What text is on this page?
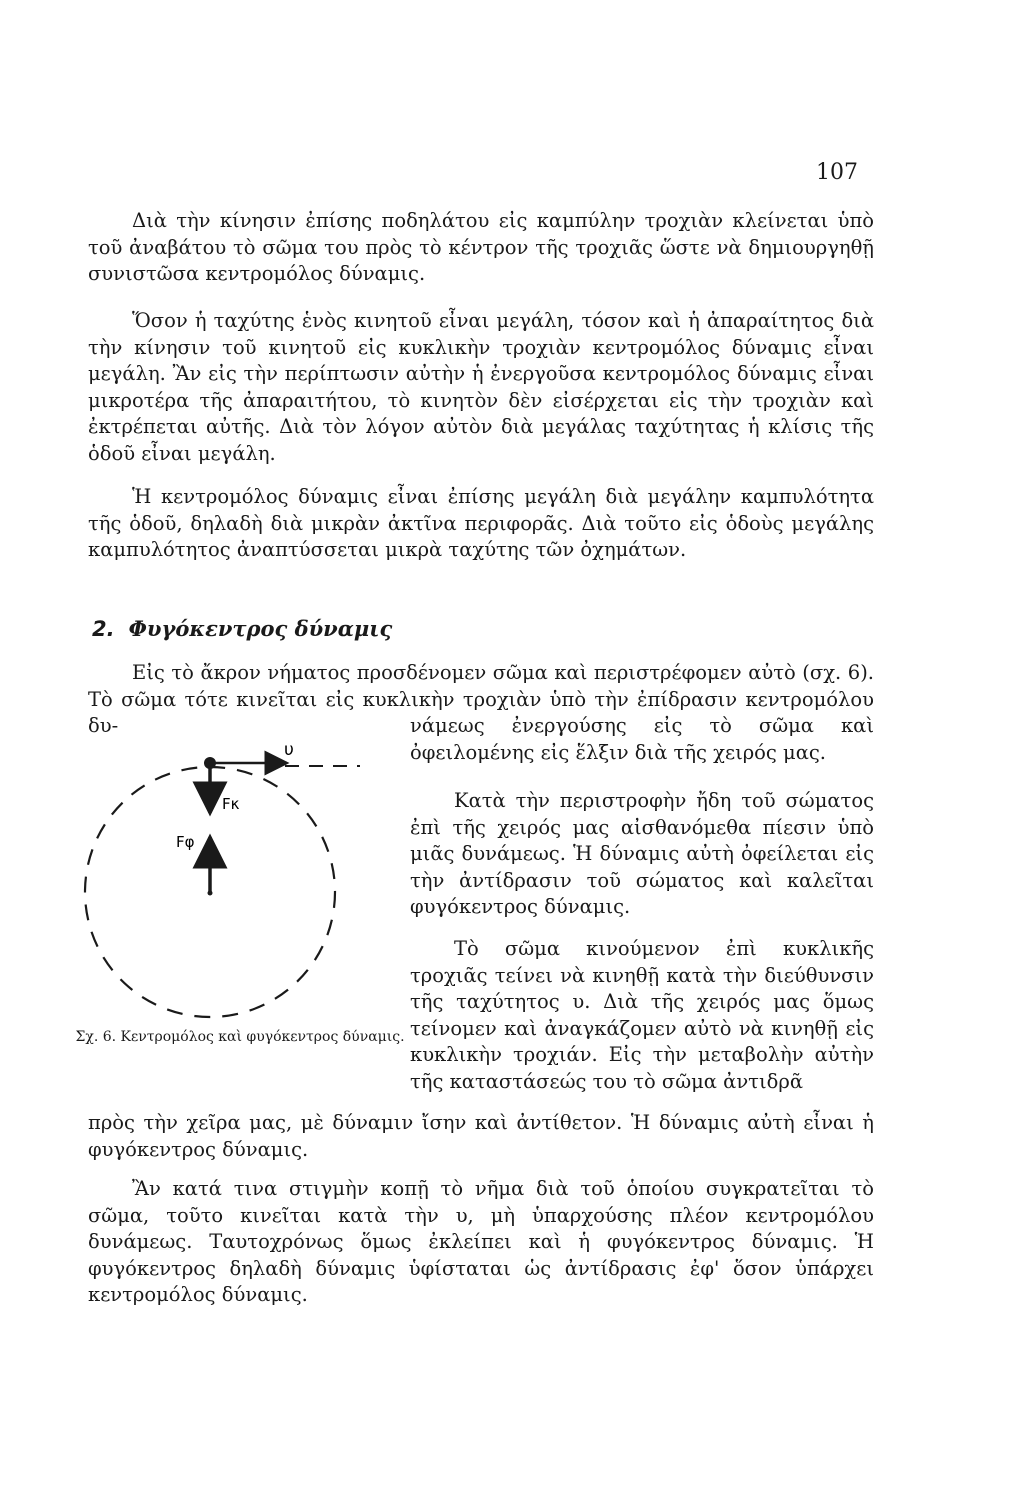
107

Διὰ τὴν κίνησιν ἐπίσης ποδηλάτου εἰς καμπύλην τροχιὰν κλείνεται ὑπὸ τοῦ ἀναβάτου τὸ σῶμα του πρὸς τὸ κέντρον τῆς τροχιᾶς ὥστε νὰ δημιουργηθῇ συνιστῶσα κεντρομόλος δύναμις.

Ὅσον ἡ ταχύτης ἑνὸς κινητοῦ εἶναι μεγάλη, τόσον καὶ ἡ ἀπαραίτητος διὰ τὴν κίνησιν τοῦ κινητοῦ εἰς κυκλικὴν τροχιὰν κεντρομόλος δύναμις εἶναι μεγάλη. Ἂν εἰς τὴν περίπτωσιν αὐτὴν ἡ ἐνεργοῦσα κεντρομόλος δύναμις εἶναι μικροτέρα τῆς ἀπαραιτήτου, τὸ κινητὸν δὲν εἰσέρχεται εἰς τὴν τροχιὰν καὶ ἐκτρέπεται αὐτῆς. Διὰ τὸν λόγον αὐτὸν διὰ μεγάλας ταχύτητας ἡ κλίσις τῆς ὁδοῦ εἶναι μεγάλη.

Ἡ κεντρομόλος δύναμις εἶναι ἐπίσης μεγάλη διὰ μεγάλην καμπυλότητα τῆς ὁδοῦ, δηλαδὴ διὰ μικρὰν ἀκτῖνα περιφορᾶς. Διὰ τοῦτο εἰς ὁδοὺς μεγάλης καμπυλότητος ἀναπτύσσεται μικρὰ ταχύτης τῶν ὀχημάτων.

2. Φυγόκεντρος δύναμις

Εἰς τὸ ἄκρον νήματος προσδένομεν σῶμα καὶ περιστρέφομεν αὐτὸ (σχ. 6). Τὸ σῶμα τότε κινεῖται εἰς κυκλικὴν τροχιὰν ὑπὸ τὴν ἐπίδρασιν κεντρομόλου δυ-	νάμεως ἐνεργούσης εἰς τὸ σῶμα καὶ ὀφειλομένης εἰς ἕλξιν διὰ τῆς χειρός μας.

Κατὰ τὴν περιστροφὴν ἤδη τοῦ σώματος ἐπὶ τῆς χειρός μας αἰσθανόμεθα πίεσιν ὑπὸ μιᾶς δυνάμεως. Ἡ δύναμις αὐτὴ ὀφείλεται εἰς τὴν ἀντίδρασιν τοῦ σώματος καὶ καλεῖται φυγόκεντρος δύναμις.

Τὸ σῶμα κινούμενον ἐπὶ κυκλικῆς τροχιᾶς τείνει νὰ κινηθῇ κατὰ τὴν διεύθυνσιν τῆς ταχύτητος υ. Διὰ τῆς χειρός μας ὅμως τείνομεν καὶ ἀναγκάζομεν αὐτὸ νὰ κινηθῇ εἰς κυκλικὴν τροχιάν. Εἰς τὴν μεταβολὴν αὐτὴν τῆς καταστάσεώς του τὸ σῶμα ἀντιδρᾶ

πρὸς τὴν χεῖρα μας, μὲ δύναμιν ἴσην καὶ ἀντίθετον. Ἡ δύναμις αὐτὴ εἶναι ἡ φυγόκεντρος δύναμις.

Ἂν κατά τινα στιγμὴν κοπῇ τὸ νῆμα διὰ τοῦ ὁποίου συγκρατεῖται τὸ σῶμα, τοῦτο κινεῖται κατὰ τὴν υ, μὴ ὑπαρχούσης πλέον κεντρομόλου δυνάμεως. Ταυτοχρόνως ὅμως ἐκλείπει καὶ ἡ φυγόκεντρος δύναμις. Ἡ φυγόκεντρος δηλαδὴ δύναμις ὑφίσταται ὡς ἀντίδρασις ἐφ' ὅσον ὑπάρχει κεντρομόλος δύναμις.

υ
Fκ
Fφ

Σχ. 6. Κεντρομόλος καὶ φυγόκεντρος δύναμις.
